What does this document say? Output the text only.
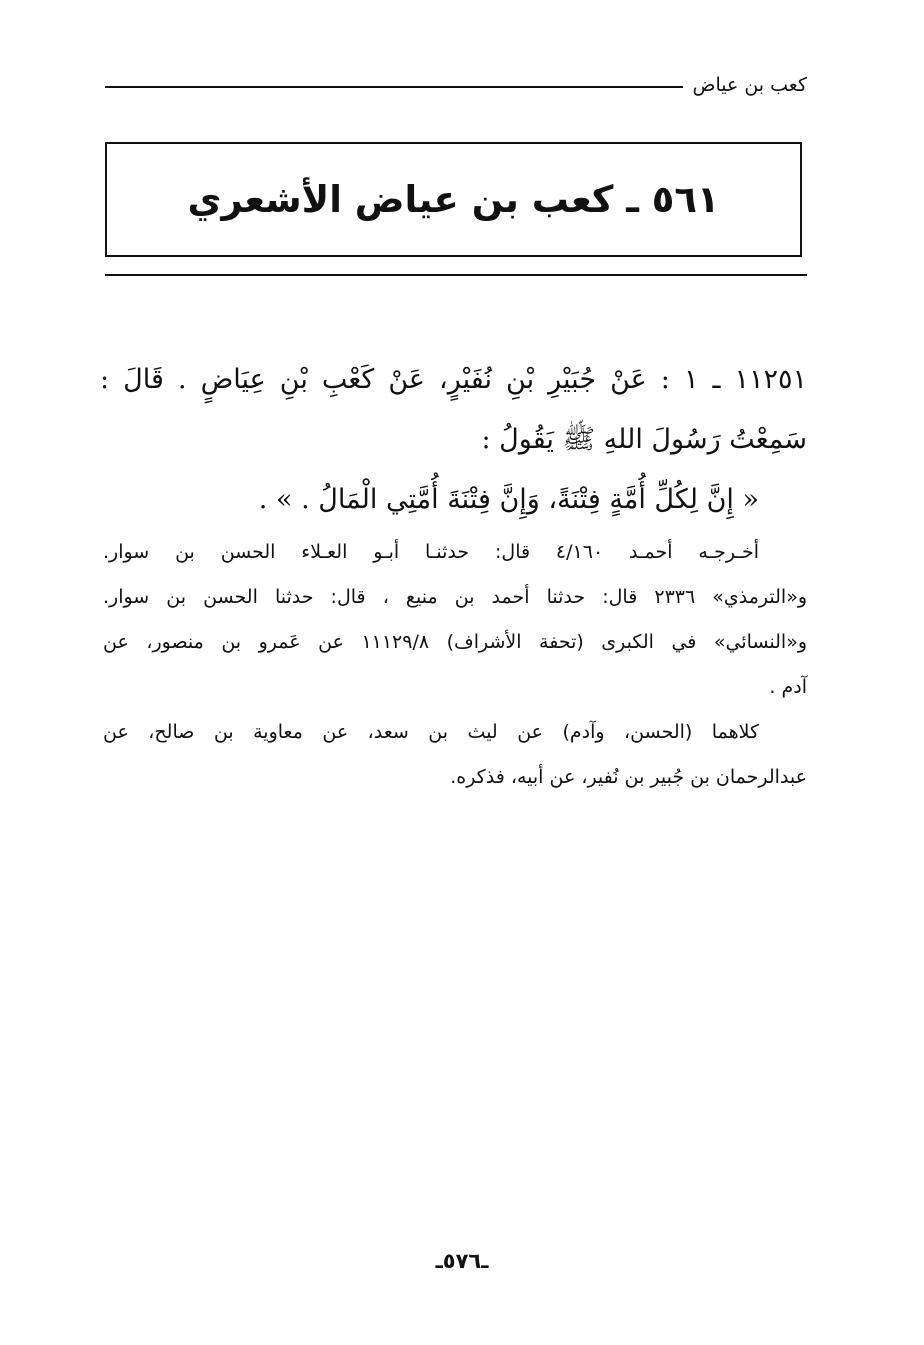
كعب بن عياض
٥٦١ ـ كعب بن عياض الأشعري
١١٢٥١ ـ ١ : عَنْ جُبَيْرِ بْنِ نُفَيْرٍ، عَنْ كَعْبِ بْنِ عِيَاضٍ . قَالَ :
سَمِعْتُ رَسُولَ اللهِ ﷺ يَقُولُ :
« إِنَّ لِكُلِّ أُمَّةٍ فِتْنَةً، وَإِنَّ فِتْنَةَ أُمَّتِي الْمَالُ . » .
أخـرجـه أحمـد ٤/١٦٠ قال: حدثنـا أبـو العـلاء الحسن بن سوار.
و«الترمذي» ٢٣٣٦ قال: حدثنا أحمد بن منيع ، قال: حدثنا الحسن بن سوار.
و«النسائي» في الكبرى (تحفة الأشراف) ١١١٢٩/٨ عن عَمرو بن منصور، عن
آدم .
كلاهما (الحسن، وآدم) عن ليث بن سعد، عن معاوية بن صالح، عن
عبدالرحمان بن جُبير بن نُفير، عن أبيه، فذكره.
ـ٥٧٦ـ
